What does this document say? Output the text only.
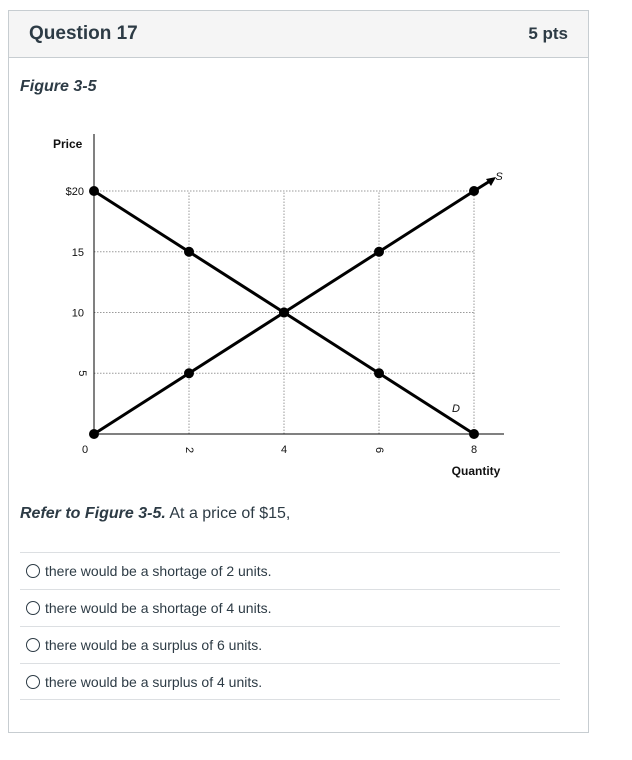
Question 17	5 pts
Figure 3-5
Price
Quantity
5
10
15
$20
0	2	4	6	8
S
D
Refer to Figure 3-5. At a price of $15,
there would be a shortage of 2 units.
there would be a shortage of 4 units.
there would be a surplus of 6 units.
there would be a surplus of 4 units.
